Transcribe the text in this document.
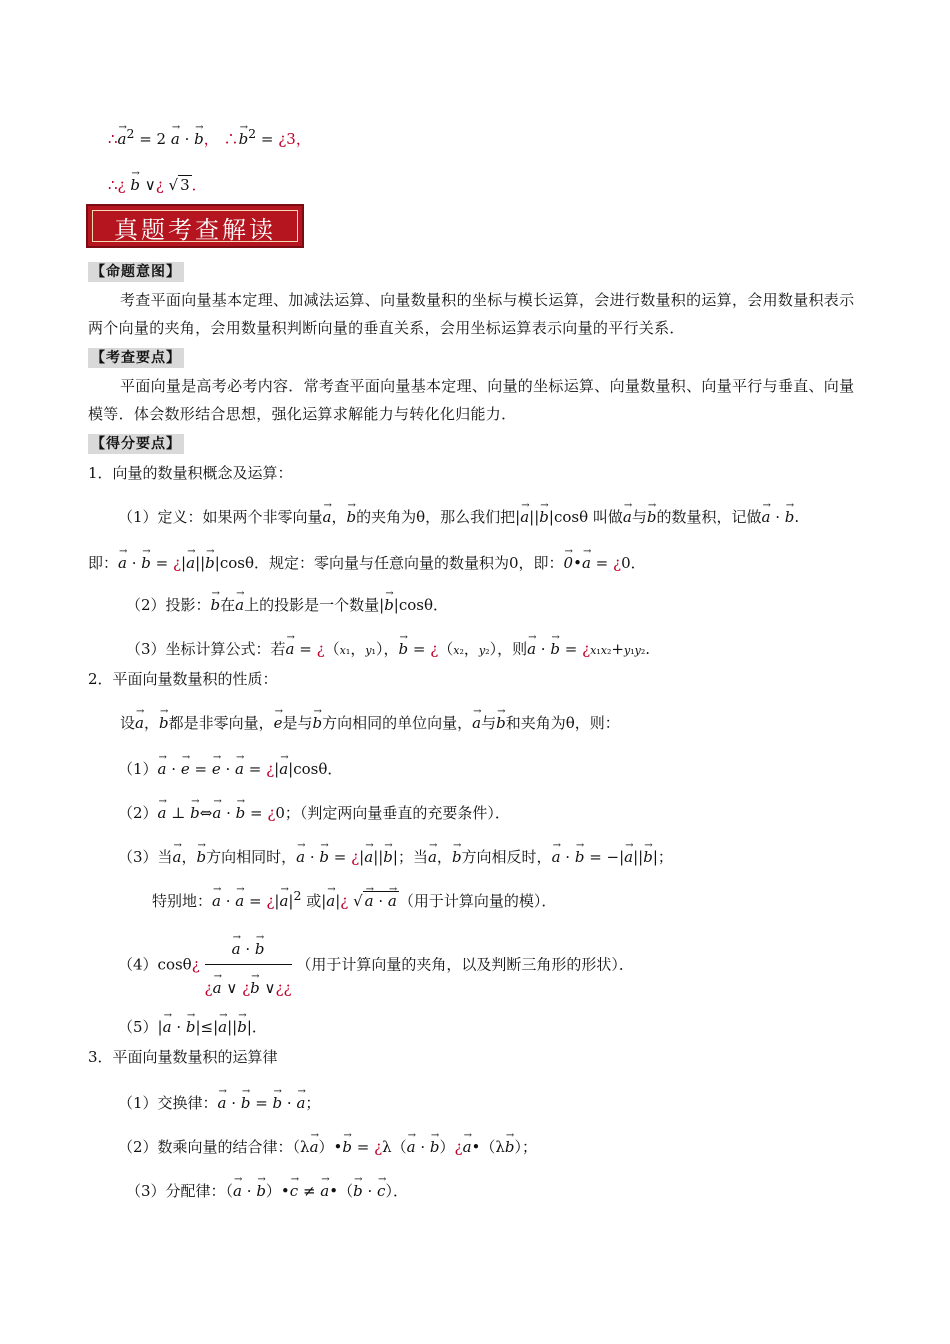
∴→ $a^2 = 2 \to a$ · → b， ∴→ $b^2$ = ¿3，
∴¿ → b ∨¿ √ 3 ．
真题考查解读
【命题意图】
考查平面向量基本定理、加减法运算、向量数量积的坐标与模长运算，会进行数量积的运算，会用数量积表示两个向量的夹角，会用数量积判断向量的垂直关系，会用坐标运算表示向量的平行关系．
【考查要点】
平面向量是高考必考内容．常考查平面向量基本定理、向量的坐标运算、向量数量积、向量平行与垂直、向量模等．体会数形结合思想，强化运算求解能力与转化化归能力．
【得分要点】
1．向量的数量积概念及运算：
（1）定义：如果两个非零向量→ a，→ b的夹角为θ，那么我们把|→ a||→ b|cosθ 叫做→ a与→ b的数量积，记做→ a · → b.
即：→ a · → b = ¿|→ a||→ b|cosθ．规定：零向量与任意向量的数量积为0，即：→ 0•→ a = ¿0．
（2）投影：→ b在→ a上的投影是一个数量|→ b|cosθ．
（3）坐标计算公式：若→ a = ¿（x₁，y₁），→ b = ¿（x₂，y₂），则→ a · → b = ¿x₁x₂+y₁y₂.
2．平面向量数量积的性质：
设→ a，→ b都是非零向量，→ e是与→ b方向相同的单位向量，→ a与→ b和夹角为θ，则：
（1）→ a · → e = → e · → a = ¿|→ a|cosθ．
（2）→ a ⊥ → b⇔→ a · → b = ¿0；（判定两向量垂直的充要条件）．
（3）当→ a，→ b方向相同时，→ a · → b = ¿|→ a||→ b|；当→ a，→ b方向相反时，→ a · → b = −|→ a||→ b|；
特别地：→ a · → a = ¿|→ $a|^2$ 或|→ a|¿ √ → a · → a （用于计算向量的模）．
（4）cosθ¿ → $\frac{a \cdot \to b}{¿\to a \vee ¿\to b \vee¿¿}$ （用于计算向量的夹角，以及判断三角形的形状）．
（5）|→ a · → b|≤|→ a||→ b|．
3．平面向量数量积的运算律
（1）交换律：→ a · → b = → b · → a；
（2）数乘向量的结合律：（λ→ a）•→ b = ¿λ（→ a · → b）¿→ a•（λ→ b）；
（3）分配律：（→ a · → b）•→ c ≠ → a•（→ b · → c）．
